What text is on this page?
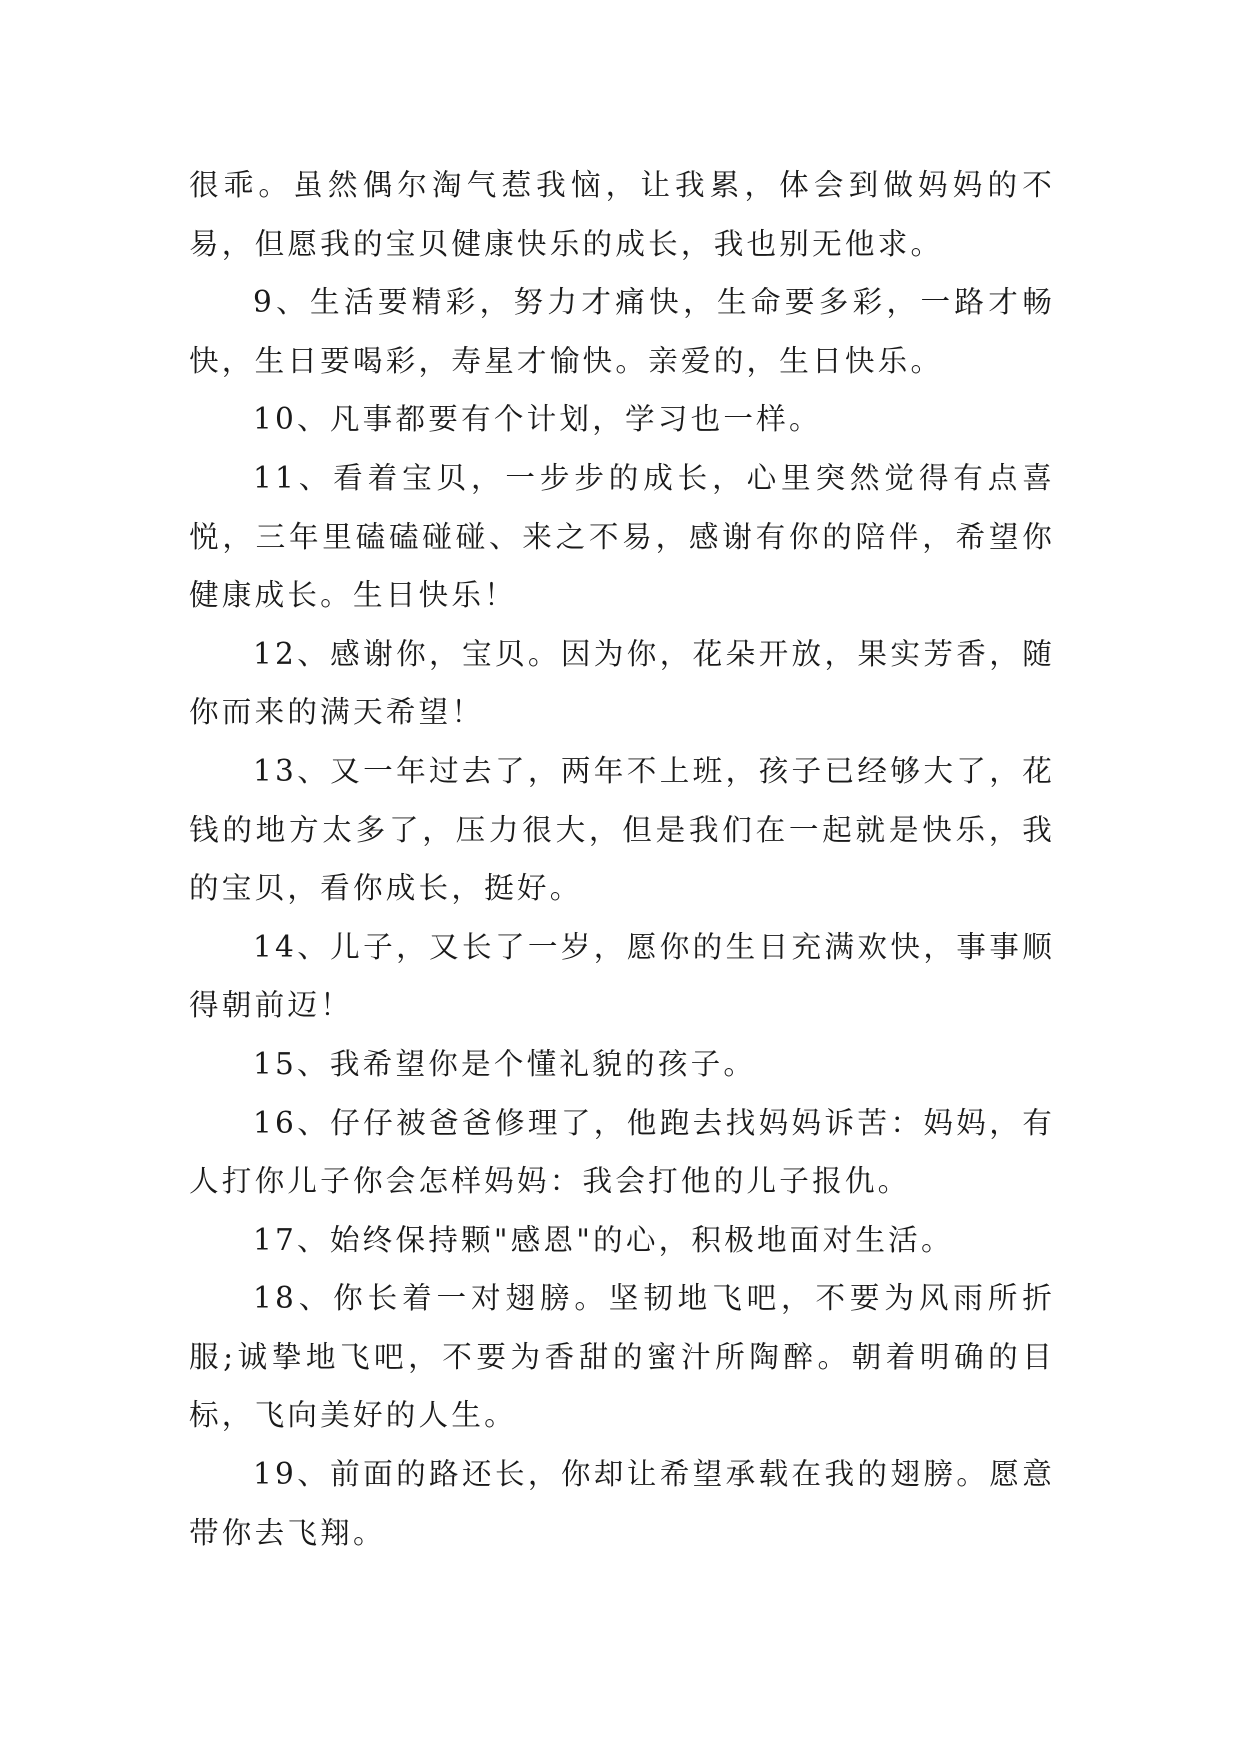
很乖。虽然偶尔淘气惹我恼，让我累，体会到做妈妈的不易，但愿我的宝贝健康快乐的成长，我也别无他求。

9、生活要精彩，努力才痛快，生命要多彩，一路才畅快，生日要喝彩，寿星才愉快。亲爱的，生日快乐。

10、凡事都要有个计划，学习也一样。

11、看着宝贝，一步步的成长，心里突然觉得有点喜悦，三年里磕磕碰碰、来之不易，感谢有你的陪伴，希望你健康成长。生日快乐！

12、感谢你，宝贝。因为你，花朵开放，果实芳香，随你而来的满天希望！

13、又一年过去了，两年不上班，孩子已经够大了，花钱的地方太多了，压力很大，但是我们在一起就是快乐，我的宝贝，看你成长，挺好。

14、儿子，又长了一岁，愿你的生日充满欢快，事事顺得朝前迈！

15、我希望你是个懂礼貌的孩子。

16、仔仔被爸爸修理了，他跑去找妈妈诉苦：妈妈，有人打你儿子你会怎样妈妈：我会打他的儿子报仇。

17、始终保持颗"感恩"的心，积极地面对生活。

18、你长着一对翅膀。坚韧地飞吧，不要为风雨所折服;诚挚地飞吧，不要为香甜的蜜汁所陶醉。朝着明确的目标，飞向美好的人生。

19、前面的路还长，你却让希望承载在我的翅膀。愿意带你去飞翔。
